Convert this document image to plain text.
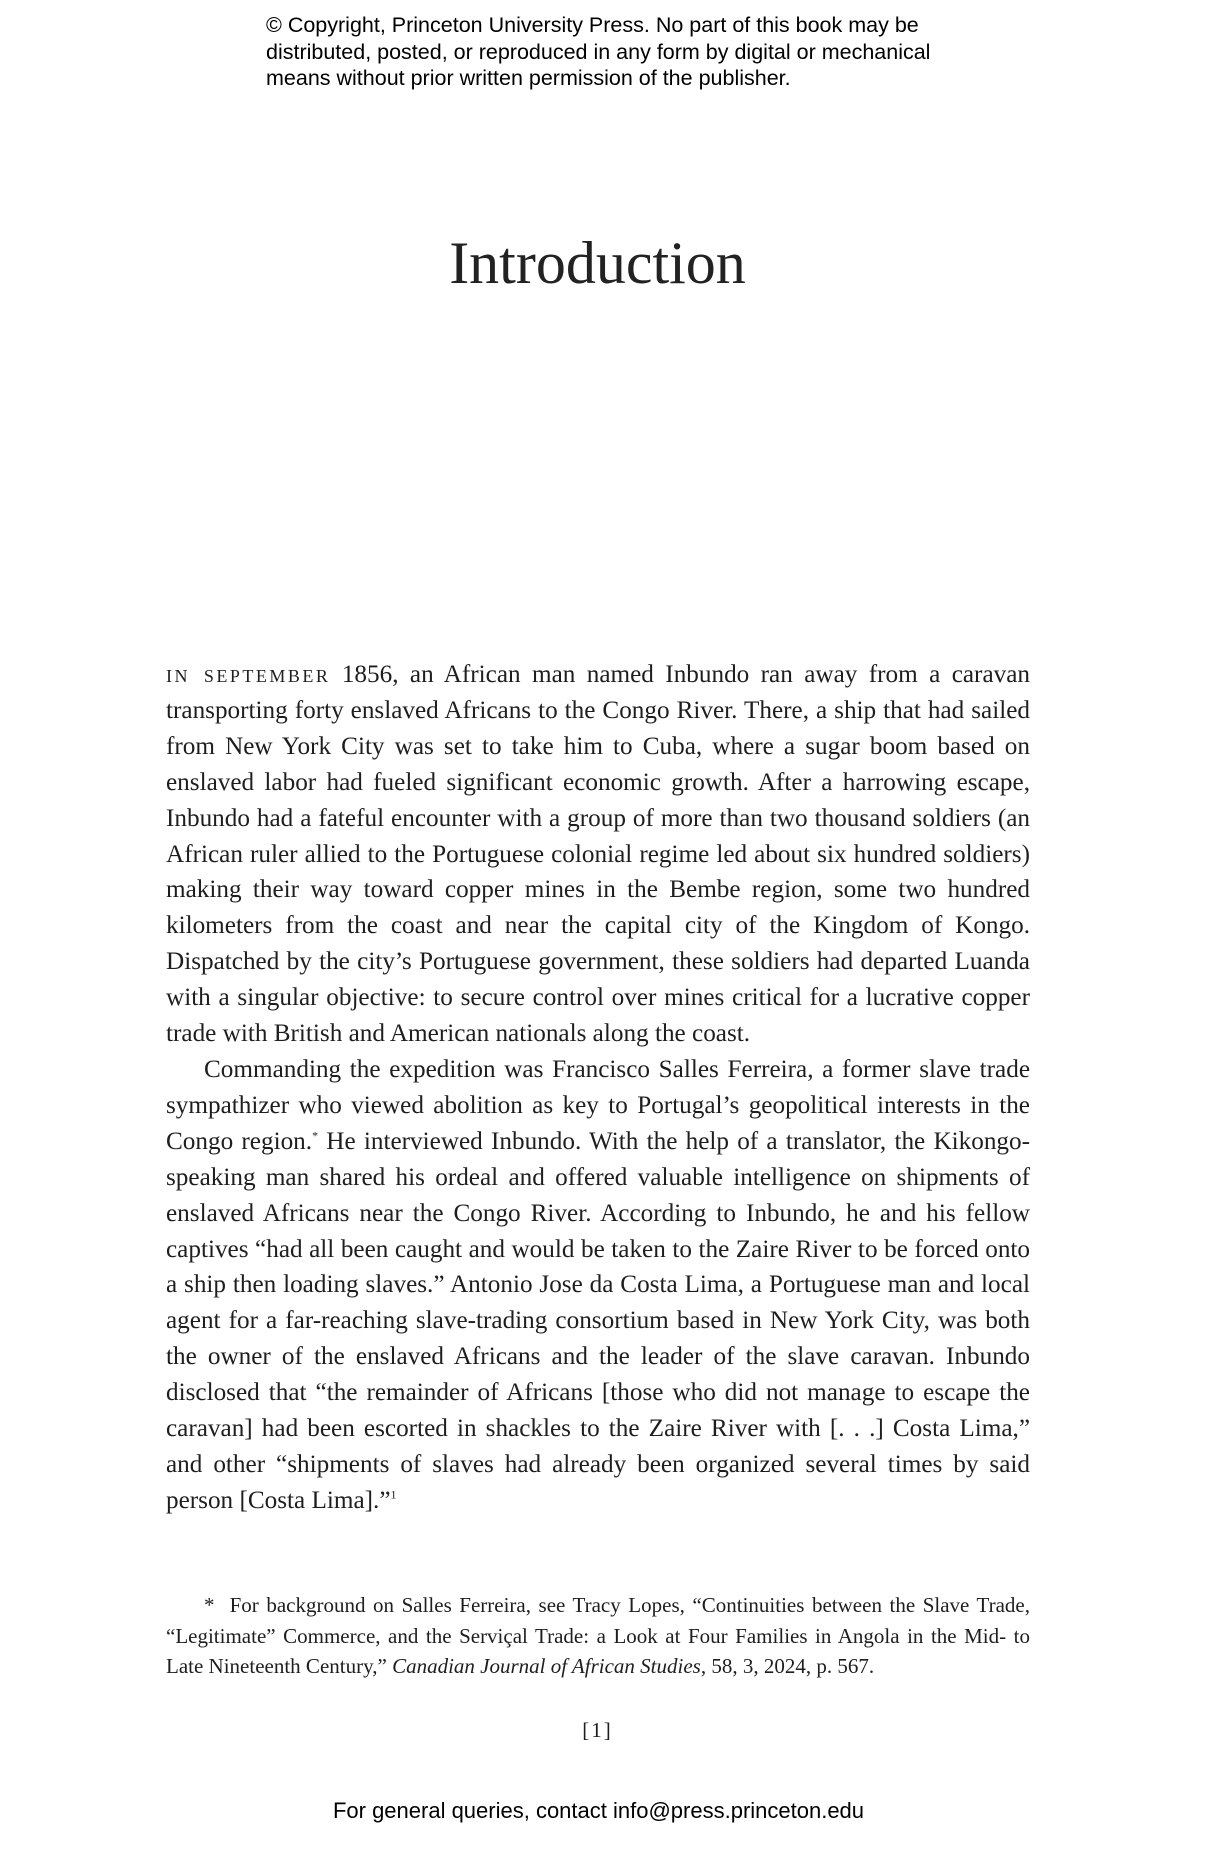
© Copyright, Princeton University Press. No part of this book may be
distributed, posted, or reproduced in any form by digital or mechanical
means without prior written permission of the publisher.
Introduction

in september 1856, an African man named Inbundo ran away from a caravan transporting forty enslaved Africans to the Congo River. There, a ship that had sailed from New York City was set to take him to Cuba, where a sugar boom based on enslaved labor had fueled significant economic growth. After a harrowing escape, Inbundo had a fateful encounter with a group of more than two thousand soldiers (an African ruler allied to the Portuguese colonial regime led about six hundred soldiers) making their way toward copper mines in the Bembe region, some two hundred kilometers from the coast and near the capital city of the Kingdom of Kongo. Dispatched by the city’s Portuguese government, these soldiers had departed Luanda with a singular objective: to secure control over mines critical for a lucrative copper trade with British and American nationals along the coast.

Commanding the expedition was Francisco Salles Ferreira, a former slave trade sympathizer who viewed abolition as key to Portugal’s geopolitical interests in the Congo region.* He interviewed Inbundo. With the help of a translator, the Kikongo-speaking man shared his ordeal and offered valuable intelligence on shipments of enslaved Africans near the Congo River. According to Inbundo, he and his fellow captives “had all been caught and would be taken to the Zaire River to be forced onto a ship then loading slaves.” Antonio Jose da Costa Lima, a Portuguese man and local agent for a far-reaching slave-trading consortium based in New York City, was both the owner of the enslaved Africans and the leader of the slave caravan. Inbundo disclosed that “the remainder of Africans [those who did not manage to escape the caravan] had been escorted in shackles to the Zaire River with [. . .] Costa Lima,” and other “shipments of slaves had already been organized several times by said person [Costa Lima].”$^1$

* For background on Salles Ferreira, see Tracy Lopes, “Continuities between the Slave Trade, “Legitimate” Commerce, and the Serviçal Trade: a Look at Four Families in Angola in the Mid- to Late Nineteenth Century,” Canadian Journal of African Studies, 58, 3, 2024, p. 567.

[1]
For general queries, contact info@press.princeton.edu
